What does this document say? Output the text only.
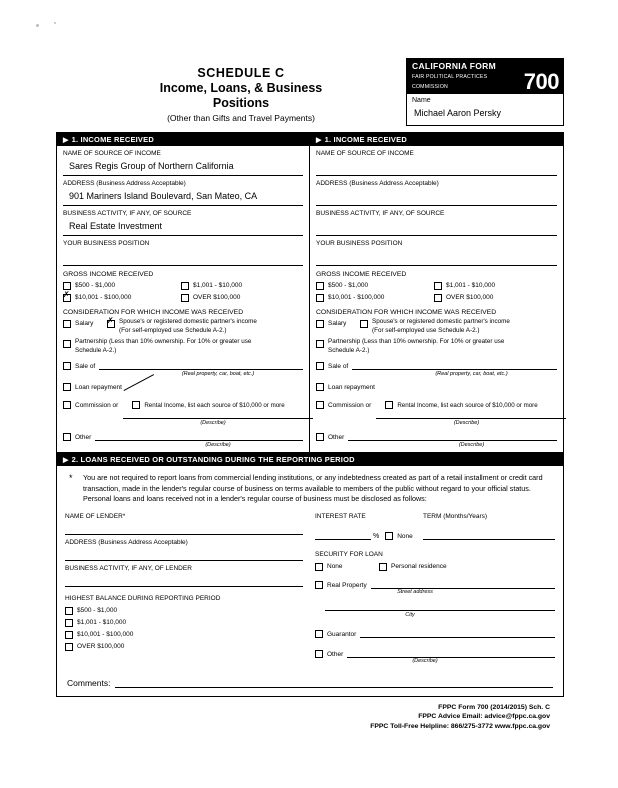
SCHEDULE C
Income, Loans, & Business
Positions
(Other than Gifts and Travel Payments)
CALIFORNIA FORM
FAIR POLITICAL PRACTICES COMMISSION	700
Name
Michael Aaron Persky
▶ 1. INCOME RECEIVED
NAME OF SOURCE OF INCOME
Sares Regis Group of Northern California
ADDRESS (Business Address Acceptable)
901 Mariners Island Boulevard, San Mateo, CA
BUSINESS ACTIVITY, IF ANY, OF SOURCE
Real Estate Investment
YOUR BUSINESS POSITION
GROSS INCOME RECEIVED
$500 - $1,000	$1,001 - $10,000
✗
$10,001 - $100,000	OVER $100,000
CONSIDERATION FOR WHICH INCOME WAS RECEIVED
Salary ✗	Spouse's or registered domestic partner's income
(For self-employed use Schedule A-2.)
Partnership (Less than 10% ownership. For 10% or greater use
Schedule A-2.)
Sale of
(Real property, car, boat, etc.)
Loan repayment
Commission or	Rental Income, list each source of $10,000 or more
(Describe)
Other
(Describe)
▶ 1. INCOME RECEIVED
NAME OF SOURCE OF INCOME
ADDRESS (Business Address Acceptable)
BUSINESS ACTIVITY, IF ANY, OF SOURCE
YOUR BUSINESS POSITION
GROSS INCOME RECEIVED
$500 - $1,000	$1,001 - $10,000
$10,001 - $100,000	OVER $100,000
CONSIDERATION FOR WHICH INCOME WAS RECEIVED
Salary	Spouse's or registered domestic partner's income
(For self-employed use Schedule A-2.)
Partnership (Less than 10% ownership. For 10% or greater use
Schedule A-2.)
Sale of
(Real property, car, boat, etc.)
Loan repayment
Commission or	Rental Income, list each source of $10,000 or more
(Describe)
Other
(Describe)
▶ 2. LOANS RECEIVED OR OUTSTANDING DURING THE REPORTING PERIOD
*	You are not required to report loans from commercial lending institutions, or any indebtedness created as part of a retail installment or credit card transaction, made in the lender's regular course of business on terms available to members of the public without regard to your official status. Personal loans and loans received not in a lender's regular course of business must be disclosed as follows:
NAME OF LENDER*
ADDRESS (Business Address Acceptable)
BUSINESS ACTIVITY, IF ANY, OF LENDER
HIGHEST BALANCE DURING REPORTING PERIOD
$500 - $1,000
$1,001 - $10,000
$10,001 - $100,000
OVER $100,000
INTEREST RATE
%	None
TERM (Months/Years)
SECURITY FOR LOAN
None	Personal residence
Real Property
Street address
City
Guarantor
Other
(Describe)
Comments:
FPPC Form 700 (2014/2015) Sch. C
FPPC Advice Email: advice@fppc.ca.gov
FPPC Toll-Free Helpline: 866/275-3772 www.fppc.ca.gov
